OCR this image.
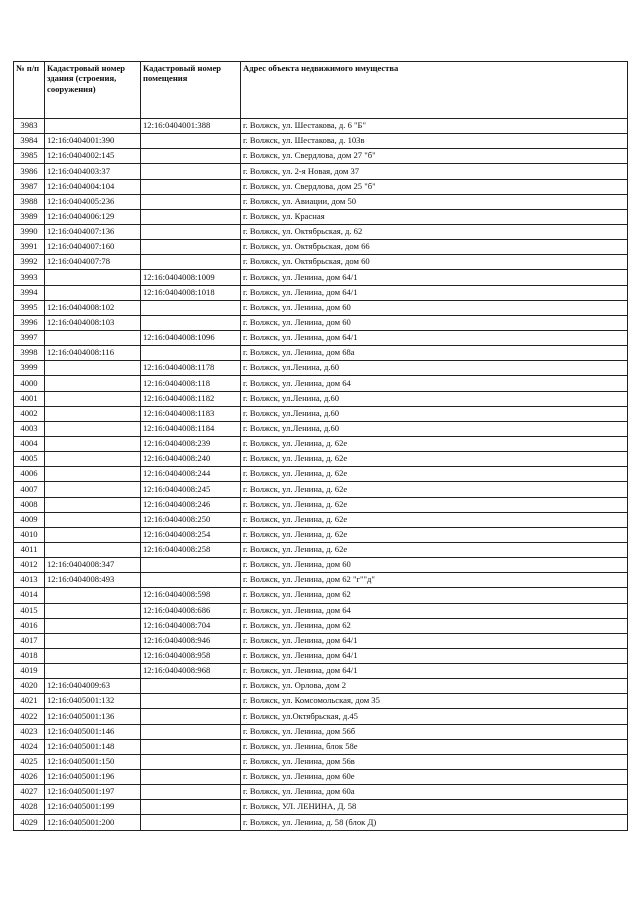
№ п/п	Кадастровый номер здания (строения, сооружения)	Кадастровый номер помещения	Адрес объекта недвижимого имущества
3983		12:16:0404001:388	г. Волжск, ул. Шестакова, д. 6 "Б"
3984	12:16:0404001:390		г. Волжск, ул. Шестакова, д. 103в
3985	12:16:0404002:145		г. Волжск, ул. Свердлова, дом 27 "б"
3986	12:16:0404003:37		г. Волжск, ул. 2-я Новая, дом 37
3987	12:16:0404004:104		г. Волжск, ул. Свердлова, дом 25 "б"
3988	12:16:0404005:236		г. Волжск, ул. Авиации, дом 50
3989	12:16:0404006:129		г. Волжск, ул. Красная
3990	12:16:0404007:136		г. Волжск, ул. Октябрьская, д. 62
3991	12:16:0404007:160		г. Волжск, ул. Октябрьская, дом 66
3992	12:16:0404007:78		г. Волжск, ул. Октябрьская, дом 60
3993		12:16:0404008:1009	г. Волжск, ул. Ленина, дом 64/1
3994		12:16:0404008:1018	г. Волжск, ул. Ленина, дом 64/1
3995	12:16:0404008:102		г. Волжск, ул. Ленина, дом 60
3996	12:16:0404008:103		г. Волжск, ул. Ленина, дом 60
3997		12:16:0404008:1096	г. Волжск, ул. Ленина, дом 64/1
3998	12:16:0404008:116		г. Волжск, ул. Ленина, дом 68а
3999		12:16:0404008:1178	г. Волжск, ул.Ленина, д.60
4000		12:16:0404008:118	г. Волжск, ул. Ленина, дом 64
4001		12:16:0404008:1182	г. Волжск, ул.Ленина, д.60
4002		12:16:0404008:1183	г. Волжск, ул.Ленина, д.60
4003		12:16:0404008:1184	г. Волжск, ул.Ленина, д.60
4004		12:16:0404008:239	г. Волжск, ул. Ленина, д. 62е
4005		12:16:0404008:240	г. Волжск, ул. Ленина, д. 62е
4006		12:16:0404008:244	г. Волжск, ул. Ленина, д. 62е
4007		12:16:0404008:245	г. Волжск, ул. Ленина, д. 62е
4008		12:16:0404008:246	г. Волжск, ул. Ленина, д. 62е
4009		12:16:0404008:250	г. Волжск, ул. Ленина, д. 62е
4010		12:16:0404008:254	г. Волжск, ул. Ленина, д. 62е
4011		12:16:0404008:258	г. Волжск, ул. Ленина, д. 62е
4012	12:16:0404008:347		г. Волжск, ул. Ленина, дом 60
4013	12:16:0404008:493		г. Волжск, ул. Ленина, дом 62 "г""д"
4014		12:16:0404008:598	г. Волжск, ул. Ленина, дом 62
4015		12:16:0404008:686	г. Волжск, ул. Ленина, дом 64
4016		12:16:0404008:704	г. Волжск, ул. Ленина, дом 62
4017		12:16:0404008:946	г. Волжск, ул. Ленина, дом 64/1
4018		12:16:0404008:958	г. Волжск, ул. Ленина, дом 64/1
4019		12:16:0404008:968	г. Волжск, ул. Ленина, дом 64/1
4020	12:16:0404009:63		г. Волжск, ул. Орлова, дом 2
4021	12:16:0405001:132		г. Волжск, ул. Комсомольская, дом 35
4022	12:16:0405001:136		г. Волжск, ул.Октябрьская, д.45
4023	12:16:0405001:146		г. Волжск, ул. Ленина, дом 56б
4024	12:16:0405001:148		г. Волжск, ул. Ленина, блок 58е
4025	12:16:0405001:150		г. Волжск, ул. Ленина, дом 56в
4026	12:16:0405001:196		г. Волжск, ул. Ленина, дом 60е
4027	12:16:0405001:197		г. Волжск, ул. Ленина, дом 60а
4028	12:16:0405001:199		г. Волжск, УЛ. ЛЕНИНА, Д. 58
4029	12:16:0405001:200		г. Волжск, ул. Ленина, д. 58 (блок Д)
